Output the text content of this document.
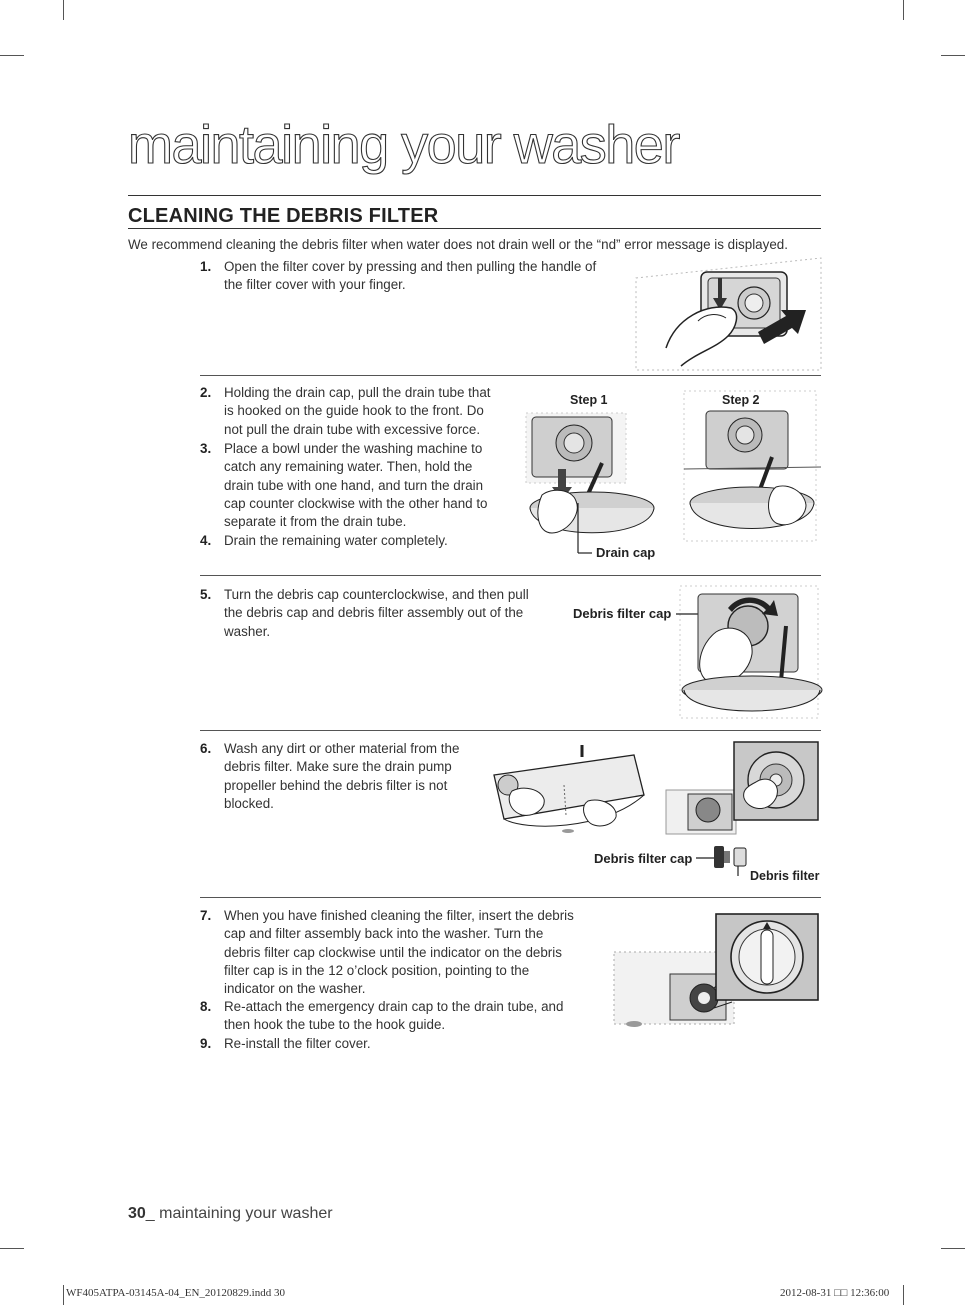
maintaining your washer
CLEANING THE DEBRIS FILTER
We recommend cleaning the debris filter when water does not drain well or the “nd” error message is displayed.
1. Open the filter cover by pressing and then pulling the handle of
the filter cover with your finger.
2. Holding the drain cap, pull the drain tube that
is hooked on the guide hook to the front. Do
not pull the drain tube with excessive force.
3. Place a bowl under the washing machine to
catch any remaining water. Then, hold the
drain tube with one hand, and turn the drain
cap counter clockwise with the other hand to
separate it from the drain tube.
4. Drain the remaining water completely.
Step 1
Drain cap
Step 2
5. Turn the debris cap counterclockwise, and then pull
the debris cap and debris filter assembly out of the
washer.
Debris filter cap
6. Wash any dirt or other material from the
debris filter. Make sure the drain pump
propeller behind the debris filter is not
blocked.
Debris filter cap
Debris filter
7. When you have finished cleaning the filter, insert the debris
cap and filter assembly back into the washer. Turn the
debris filter cap clockwise until the indicator on the debris
filter cap is in the 12 o’clock position, pointing to the
indicator on the washer.
8. Re-attach the emergency drain cap to the drain tube, and
then hook the tube to the hook guide.
9. Re-install the filter cover.
30_ maintaining your washer
WF405ATPA-03145A-04_EN_20120829.indd 30	2012-08-31 □□ 12:36:00
